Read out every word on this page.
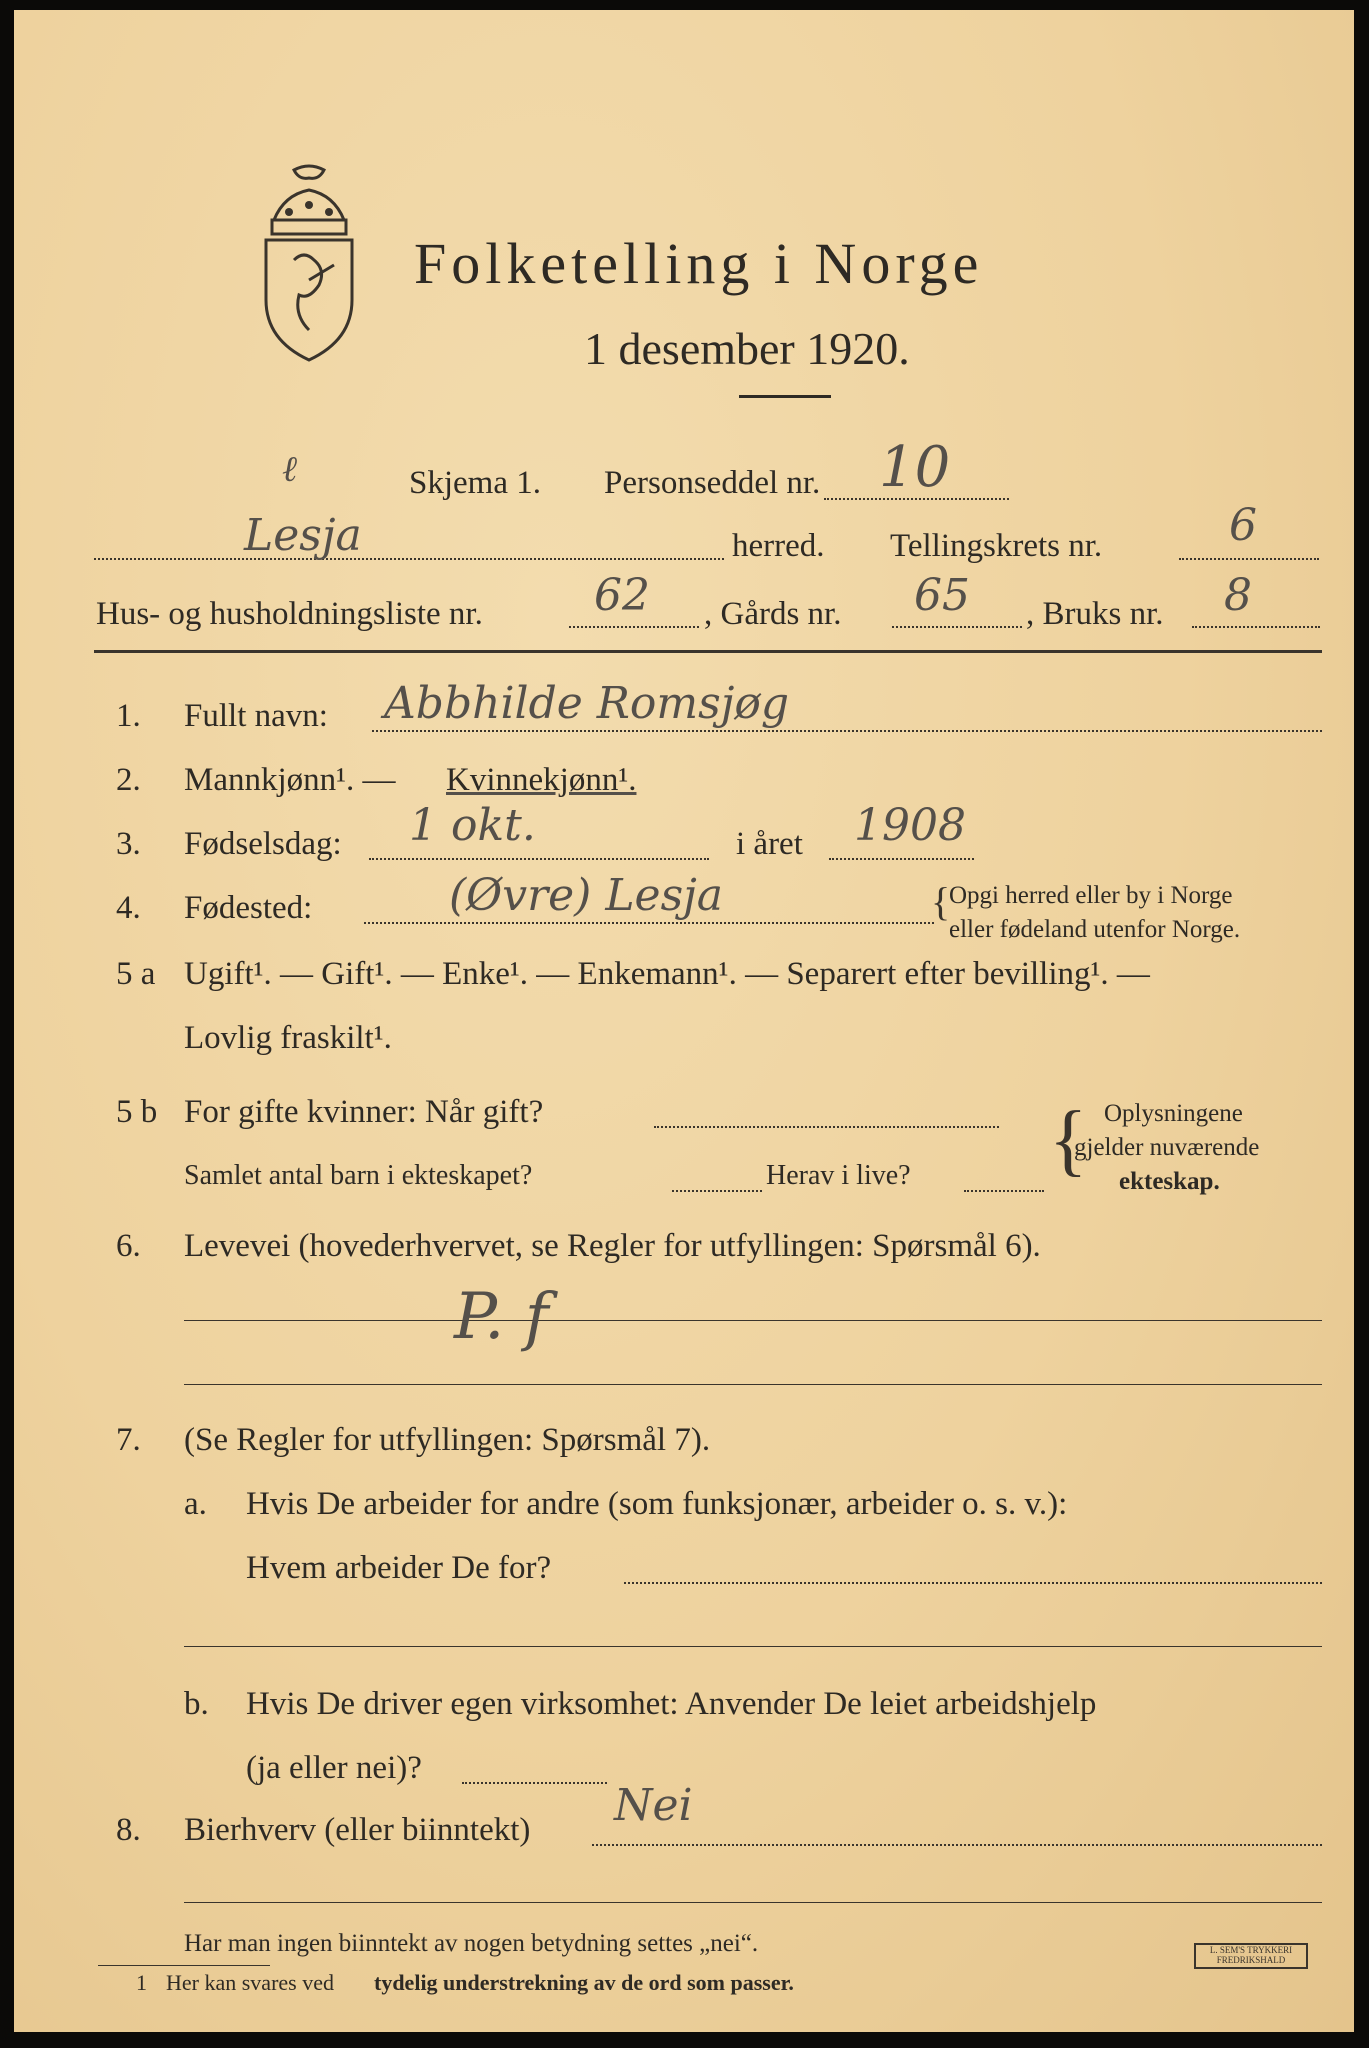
Folketelling i Norge
1 desember 1920.
ℓ	Skjema 1. Personseddel nr. 10
Lesja	herred. Tellingskrets nr.	6
Hus- og husholdningsliste nr.	62 , Gårds nr. 65 , Bruks nr. 8
1. Fullt navn: Abbhilde Romsjøg
2. Mannkjønn¹. — Kvinnekjønn¹.
3. Fødselsdag: 1 okt.	i året 1908
4. Fødested:	(Øvre) Lesja	{
Opgi herred eller by i Norge
eller fødeland utenfor Norge.
5 a Ugift¹. — Gift¹. — Enke¹. — Enkemann¹. — Separert efter bevilling¹. —
Lovlig fraskilt¹.
5 b For gifte kvinner: Når gift?
Samlet antal barn i ekteskapet?	Herav i live? { Oplysningene
gjelder nuværende
ekteskap.
6. Levevei (hovederhvervet, se Regler for utfyllingen: Spørsmål 6).
P. f
7. (Se Regler for utfyllingen: Spørsmål 7).
a. Hvis De arbeider for andre (som funksjonær, arbeider o. s. v.):
Hvem arbeider De for?
b. Hvis De driver egen virksomhet: Anvender De leiet arbeidshjelp
(ja eller nei)?
8. Bierhverv (eller biinntekt) Nei
Har man ingen biinntekt av nogen betydning settes „nei“.
1 Her kan svares ved tydelig understrekning av de ord som passer.
L. SEM'S TRYKKERI FREDRIKSHALD
